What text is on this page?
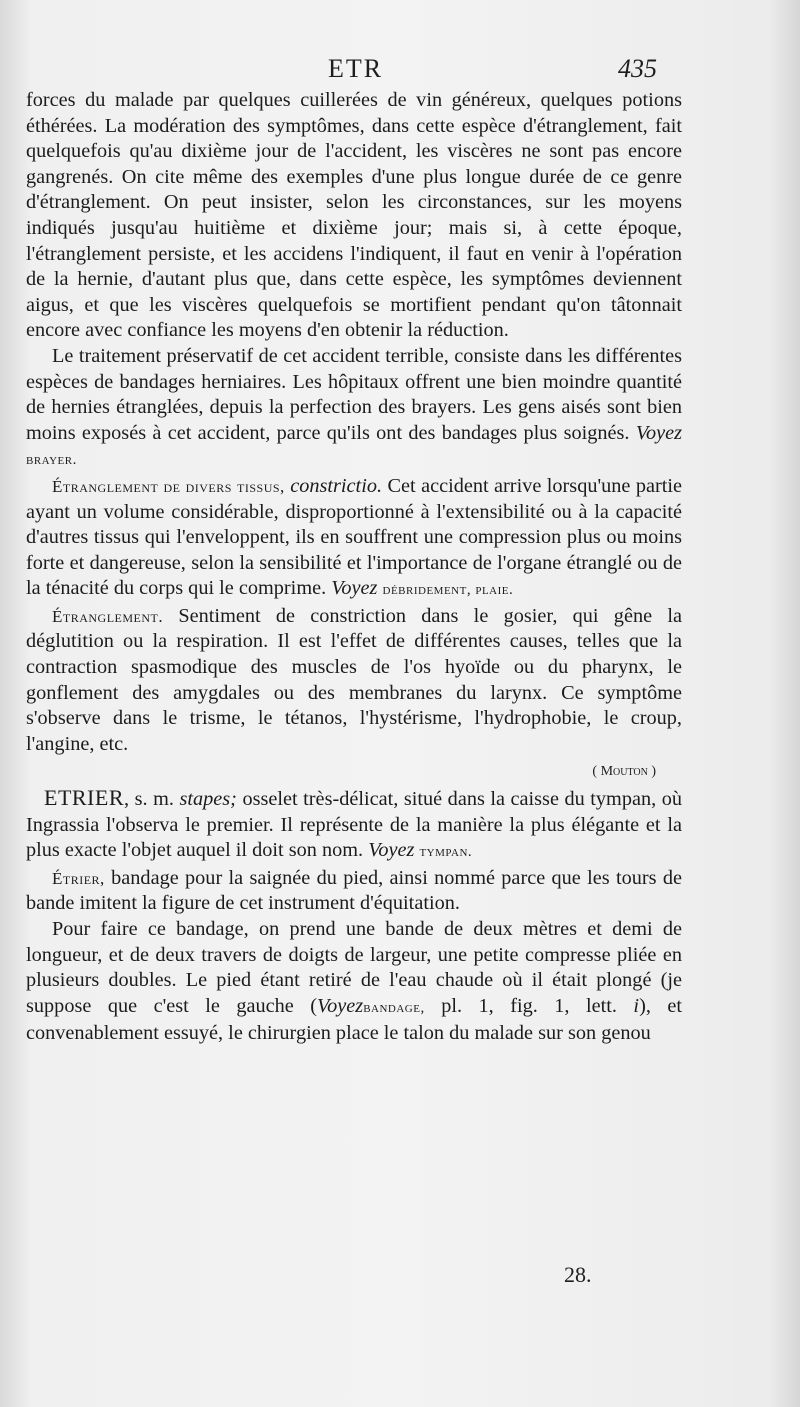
ETR	435

forces du malade par quelques cuillerées de vin généreux, quelques potions éthérées. La modération des symptômes, dans cette espèce d'étranglement, fait quelquefois qu'au dixième jour de l'accident, les viscères ne sont pas encore gangrenés. On cite même des exemples d'une plus longue durée de ce genre d'étranglement. On peut insister, selon les circonstances, sur les moyens indiqués jusqu'au huitième et dixième jour; mais si, à cette époque, l'étranglement persiste, et les accidens l'indiquent, il faut en venir à l'opération de la hernie, d'autant plus que, dans cette espèce, les symptômes deviennent aigus, et que les viscères quelquefois se mortifient pendant qu'on tâtonnait encore avec confiance les moyens d'en obtenir la réduction.

Le traitement préservatif de cet accident terrible, consiste dans les différentes espèces de bandages herniaires. Les hôpitaux offrent une bien moindre quantité de hernies étranglées, depuis la perfection des brayers. Les gens aisés sont bien moins exposés à cet accident, parce qu'ils ont des bandages plus soignés. Voyez brayer.

Étranglement de divers tissus, constrictio. Cet accident arrive lorsqu'une partie ayant un volume considérable, disproportionné à l'extensibilité ou à la capacité d'autres tissus qui l'enveloppent, ils en souffrent une compression plus ou moins forte et dangereuse, selon la sensibilité et l'importance de l'organe étranglé ou de la ténacité du corps qui le comprime. Voyez débridement, plaie.

Étranglement. Sentiment de constriction dans le gosier, qui gêne la déglutition ou la respiration. Il est l'effet de différentes causes, telles que la contraction spasmodique des muscles de l'os hyoïde ou du pharynx, le gonflement des amygdales ou des membranes du larynx. Ce symptôme s'observe dans le trisme, le tétanos, l'hystérisme, l'hydrophobie, le croup, l'angine, etc.

( Mouton )

ETRIER, s. m. stapes; osselet très-délicat, situé dans la caisse du tympan, où Ingrassia l'observa le premier. Il représente de la manière la plus élégante et la plus exacte l'objet auquel il doit son nom. Voyez tympan.

Étrier, bandage pour la saignée du pied, ainsi nommé parce que les tours de bande imitent la figure de cet instrument d'équitation.

Pour faire ce bandage, on prend une bande de deux mètres et demi de longueur, et de deux travers de doigts de largeur, une petite compresse pliée en plusieurs doubles. Le pied étant retiré de l'eau chaude où il était plongé (je suppose que c'est le gauche (Voyezbandage, pl. 1, fig. 1, lett. i), et convenablement essuyé, le chirurgien place le talon du malade sur son genou

28.
